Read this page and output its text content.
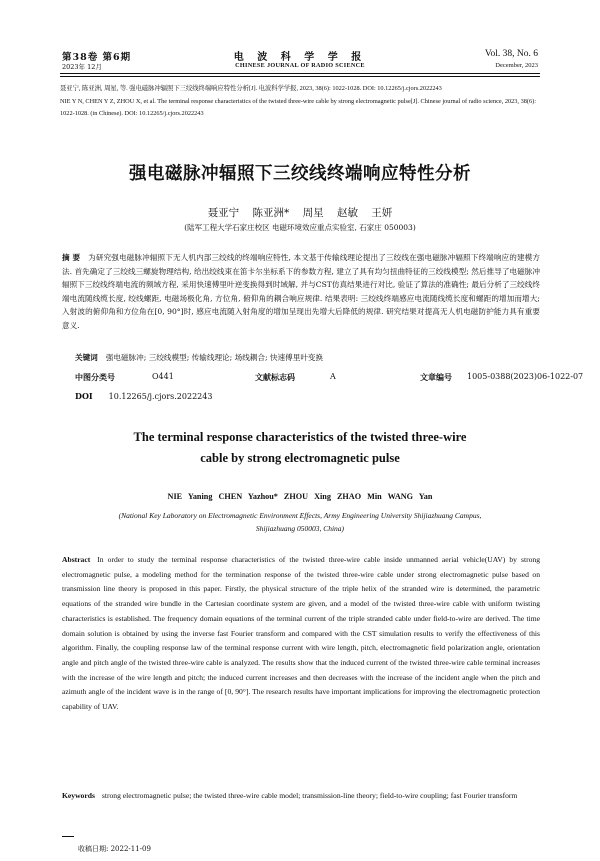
第38卷 第6期
2023年 12月
电 波 科 学 学 报
CHINESE JOURNAL OF RADIO SCIENCE
Vol. 38, No. 6
December, 2023
聂亚宁, 陈亚洲, 周星, 等. 强电磁脉冲辐照下三绞线终端响应特性分析[J]. 电波科学学报, 2023, 38(6): 1022-1028. DOI: 10.12265/j.cjors.2022243
NIE Y N, CHEN Y Z, ZHOU X, et al. The terminal response characteristics of the twisted three-wire cable by strong electromagnetic pulse[J]. Chinese journal of radio science, 2023, 38(6): 1022-1028. (in Chinese). DOI: 10.12265/j.cjors.2022243
强电磁脉冲辐照下三绞线终端响应特性分析
聂亚宁 陈亚洲* 周星 赵敏 王妍
(陆军工程大学石家庄校区 电磁环境效应重点实验室, 石家庄 050003)
摘 要 为研究强电磁脉冲辐照下无人机内部三绞线的终端响应特性, 本文基于传输线理论提出了三绞线在强电磁脉冲辐照下终端响应的建模方法. 首先确定了三绞线三螺旋物理结构, 给出绞线束在笛卡尔坐标系下的参数方程, 建立了具有均匀扭曲特征的三绞线模型; 然后推导了电磁脉冲辐照下三绞线终端电流的频域方程, 采用快速傅里叶逆变换得到时域解, 并与CST仿真结果进行对比, 验证了算法的准确性; 最后分析了三绞线终端电流随线缆长度, 绞线螺距, 电磁场极化角, 方位角, 俯仰角的耦合响应规律. 结果表明: 三绞线终端感应电流随线缆长度和螺距的增加而增大; 入射波的俯仰角和方位角在[0, 90°]时, 感应电流随入射角度的增加呈现出先增大后降低的规律. 研究结果对提高无人机电磁防护能力具有重要意义.
关键词 强电磁脉冲; 三绞线模型; 传输线理论; 场线耦合; 快速傅里叶变换
中图分类号	O441	文献标志码	A	文章编号 1005-0388(2023)06-1022-07
DOI 10.12265/j.cjors.2022243
The terminal response characteristics of the twisted three-wire
cable by strong electromagnetic pulse
NIE Yaning CHEN Yazhou* ZHOU Xing ZHAO Min WANG Yan
(National Key Laboratory on Electromagnetic Environment Effects, Army Engineering University Shijiazhuang Campus,
Shijiazhuang 050003, China)
Abstract In order to study the terminal response characteristics of the twisted three-wire cable inside unmanned aerial vehicle(UAV) by strong electromagnetic pulse, a modeling method for the termination response of the twisted three-wire cable under strong electromagnetic pulse based on transmission line theory is proposed in this paper. Firstly, the physical structure of the triple helix of the stranded wire is determined, the parametric equations of the stranded wire bundle in the Cartesian coordinate system are given, and a model of the twisted three-wire cable with uniform twisting characteristics is established. The frequency domain equations of the terminal current of the triple stranded cable under field-to-wire are derived. The time domain solution is obtained by using the inverse fast Fourier transform and compared with the CST simulation results to verify the effectiveness of this algorithm. Finally, the coupling response law of the terminal response current with wire length, pitch, electromagnetic field polarization angle, orientation angle and pitch angle of the twisted three-wire cable is analyzed. The results show that the induced current of the twisted three-wire cable terminal increases with the increase of the wire length and pitch; the induced current increases and then decreases with the increase of the incident angle when the pitch and azimuth angle of the incident wave is in the range of [0, 90°]. The research results have important implications for improving the electromagnetic protection capability of UAV.
Keywords strong electromagnetic pulse; the twisted three-wire cable model; transmission-line theory; field-to-wire coupling; fast Fourier transform
收稿日期: 2022-11-09
